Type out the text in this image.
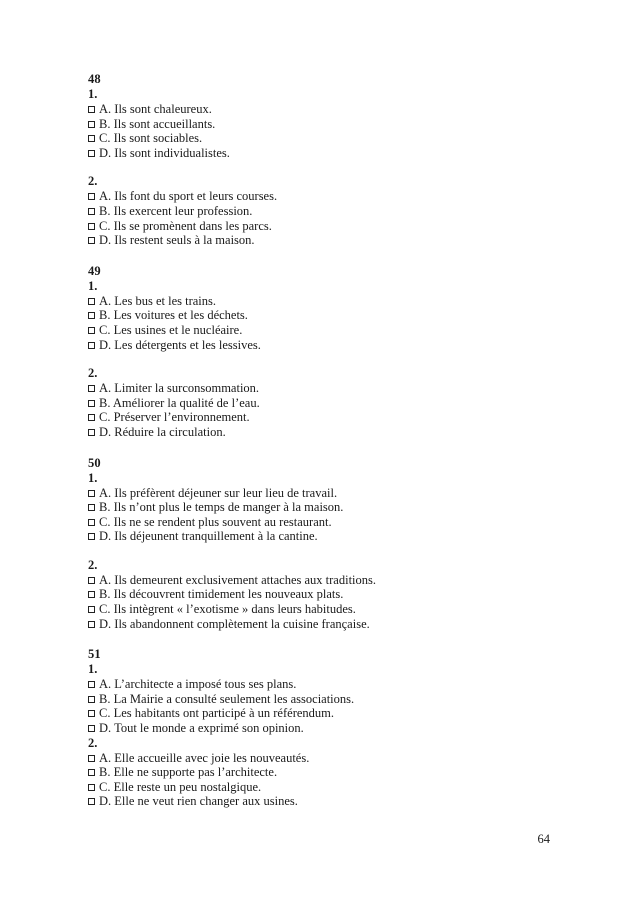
48
1.
A. Ils sont chaleureux.
B. Ils sont accueillants.
C. Ils sont sociables.
D. Ils sont individualistes.
2.
A. Ils font du sport et leurs courses.
B. Ils exercent leur profession.
C. Ils se promènent dans les parcs.
D. Ils restent seuls à la maison.
49
1.
A. Les bus et les trains.
B. Les voitures et les déchets.
C. Les usines et le nucléaire.
D. Les détergents et les lessives.
2.
A. Limiter la surconsommation.
B. Améliorer la qualité de l’eau.
C. Préserver l’environnement.
D. Réduire la circulation.
50
1.
A. Ils préfèrent déjeuner sur leur lieu de travail.
B. Ils n’ont plus le temps de manger à la maison.
C. Ils ne se rendent plus souvent au restaurant.
D. Ils déjeunent tranquillement à la cantine.
2.
A. Ils demeurent exclusivement attaches aux traditions.
B. Ils découvrent timidement les nouveaux plats.
C. Ils intègrent « l’exotisme » dans leurs habitudes.
D. Ils abandonnent complètement la cuisine française.
51
1.
A. L’architecte a imposé tous ses plans.
B. La Mairie a consulté seulement les associations.
C. Les habitants ont participé à un référendum.
D. Tout le monde a exprimé son opinion.
2.
A. Elle accueille avec joie les nouveautés.
B. Elle ne supporte pas l’architecte.
C. Elle reste un peu nostalgique.
D. Elle ne veut rien changer aux usines.
64
